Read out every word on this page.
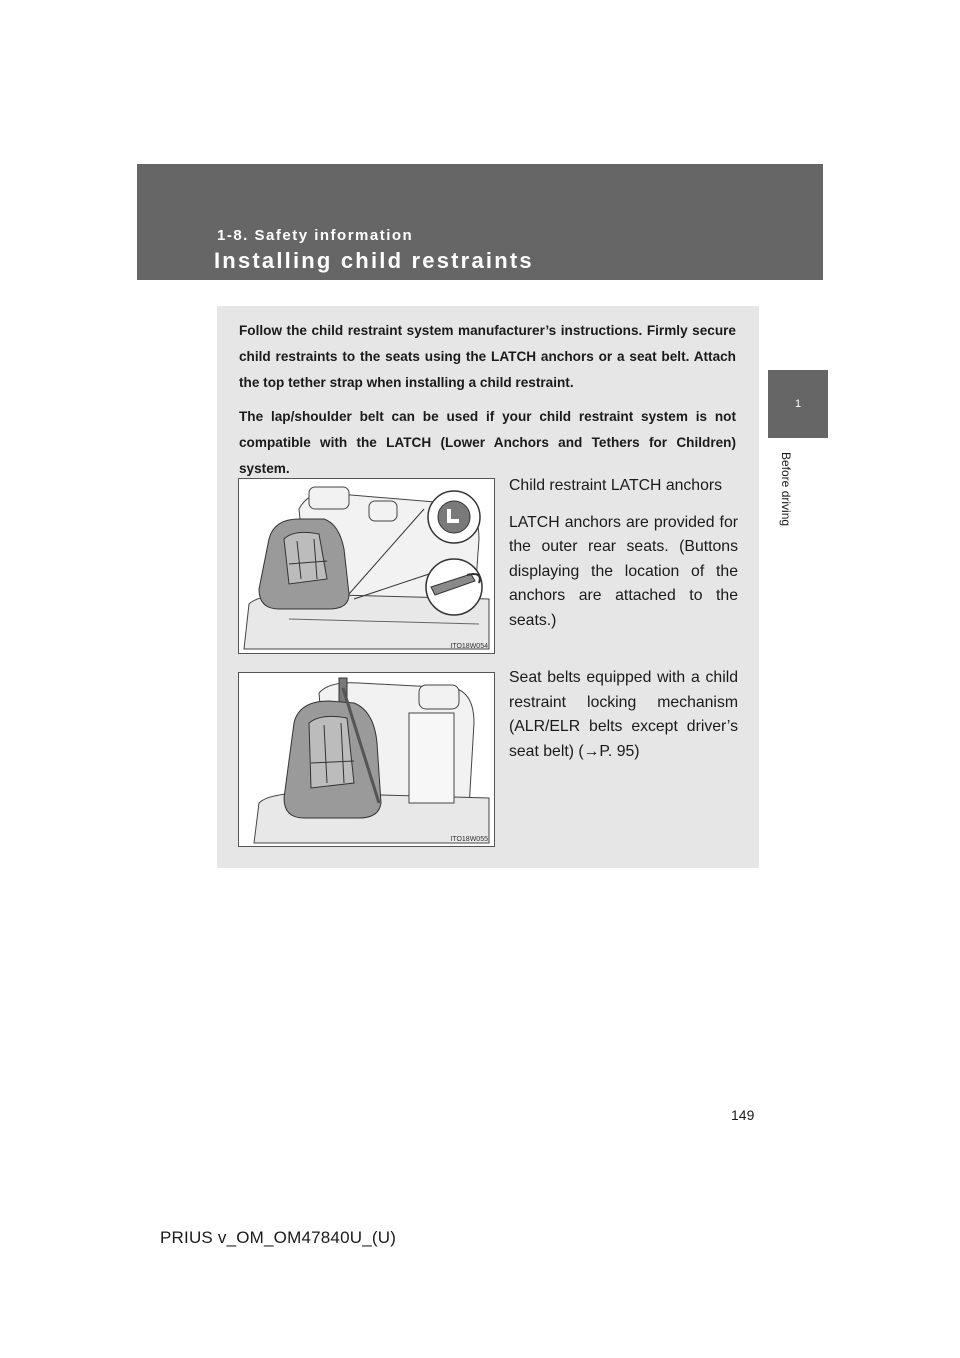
1-8. Safety information
Installing child restraints
1
Before driving

Follow the child restraint system manufacturer’s instructions. Firmly secure child restraints to the seats using the LATCH anchors or a seat belt. Attach the top tether strap when installing a child restraint.

The lap/shoulder belt can be used if your child restraint system is not compatible with the LATCH (Lower Anchors and Tethers for Children) system.

ITO18W054

Child restraint LATCH anchors

LATCH anchors are provided for the outer rear seats. (Buttons displaying the location of the anchors are attached to the seats.)

ITO18W055

Seat belts equipped with a child restraint locking mechanism (ALR/ELR belts except driver’s seat belt) (→P. 95)

149
PRIUS v_OM_OM47840U_(U)
